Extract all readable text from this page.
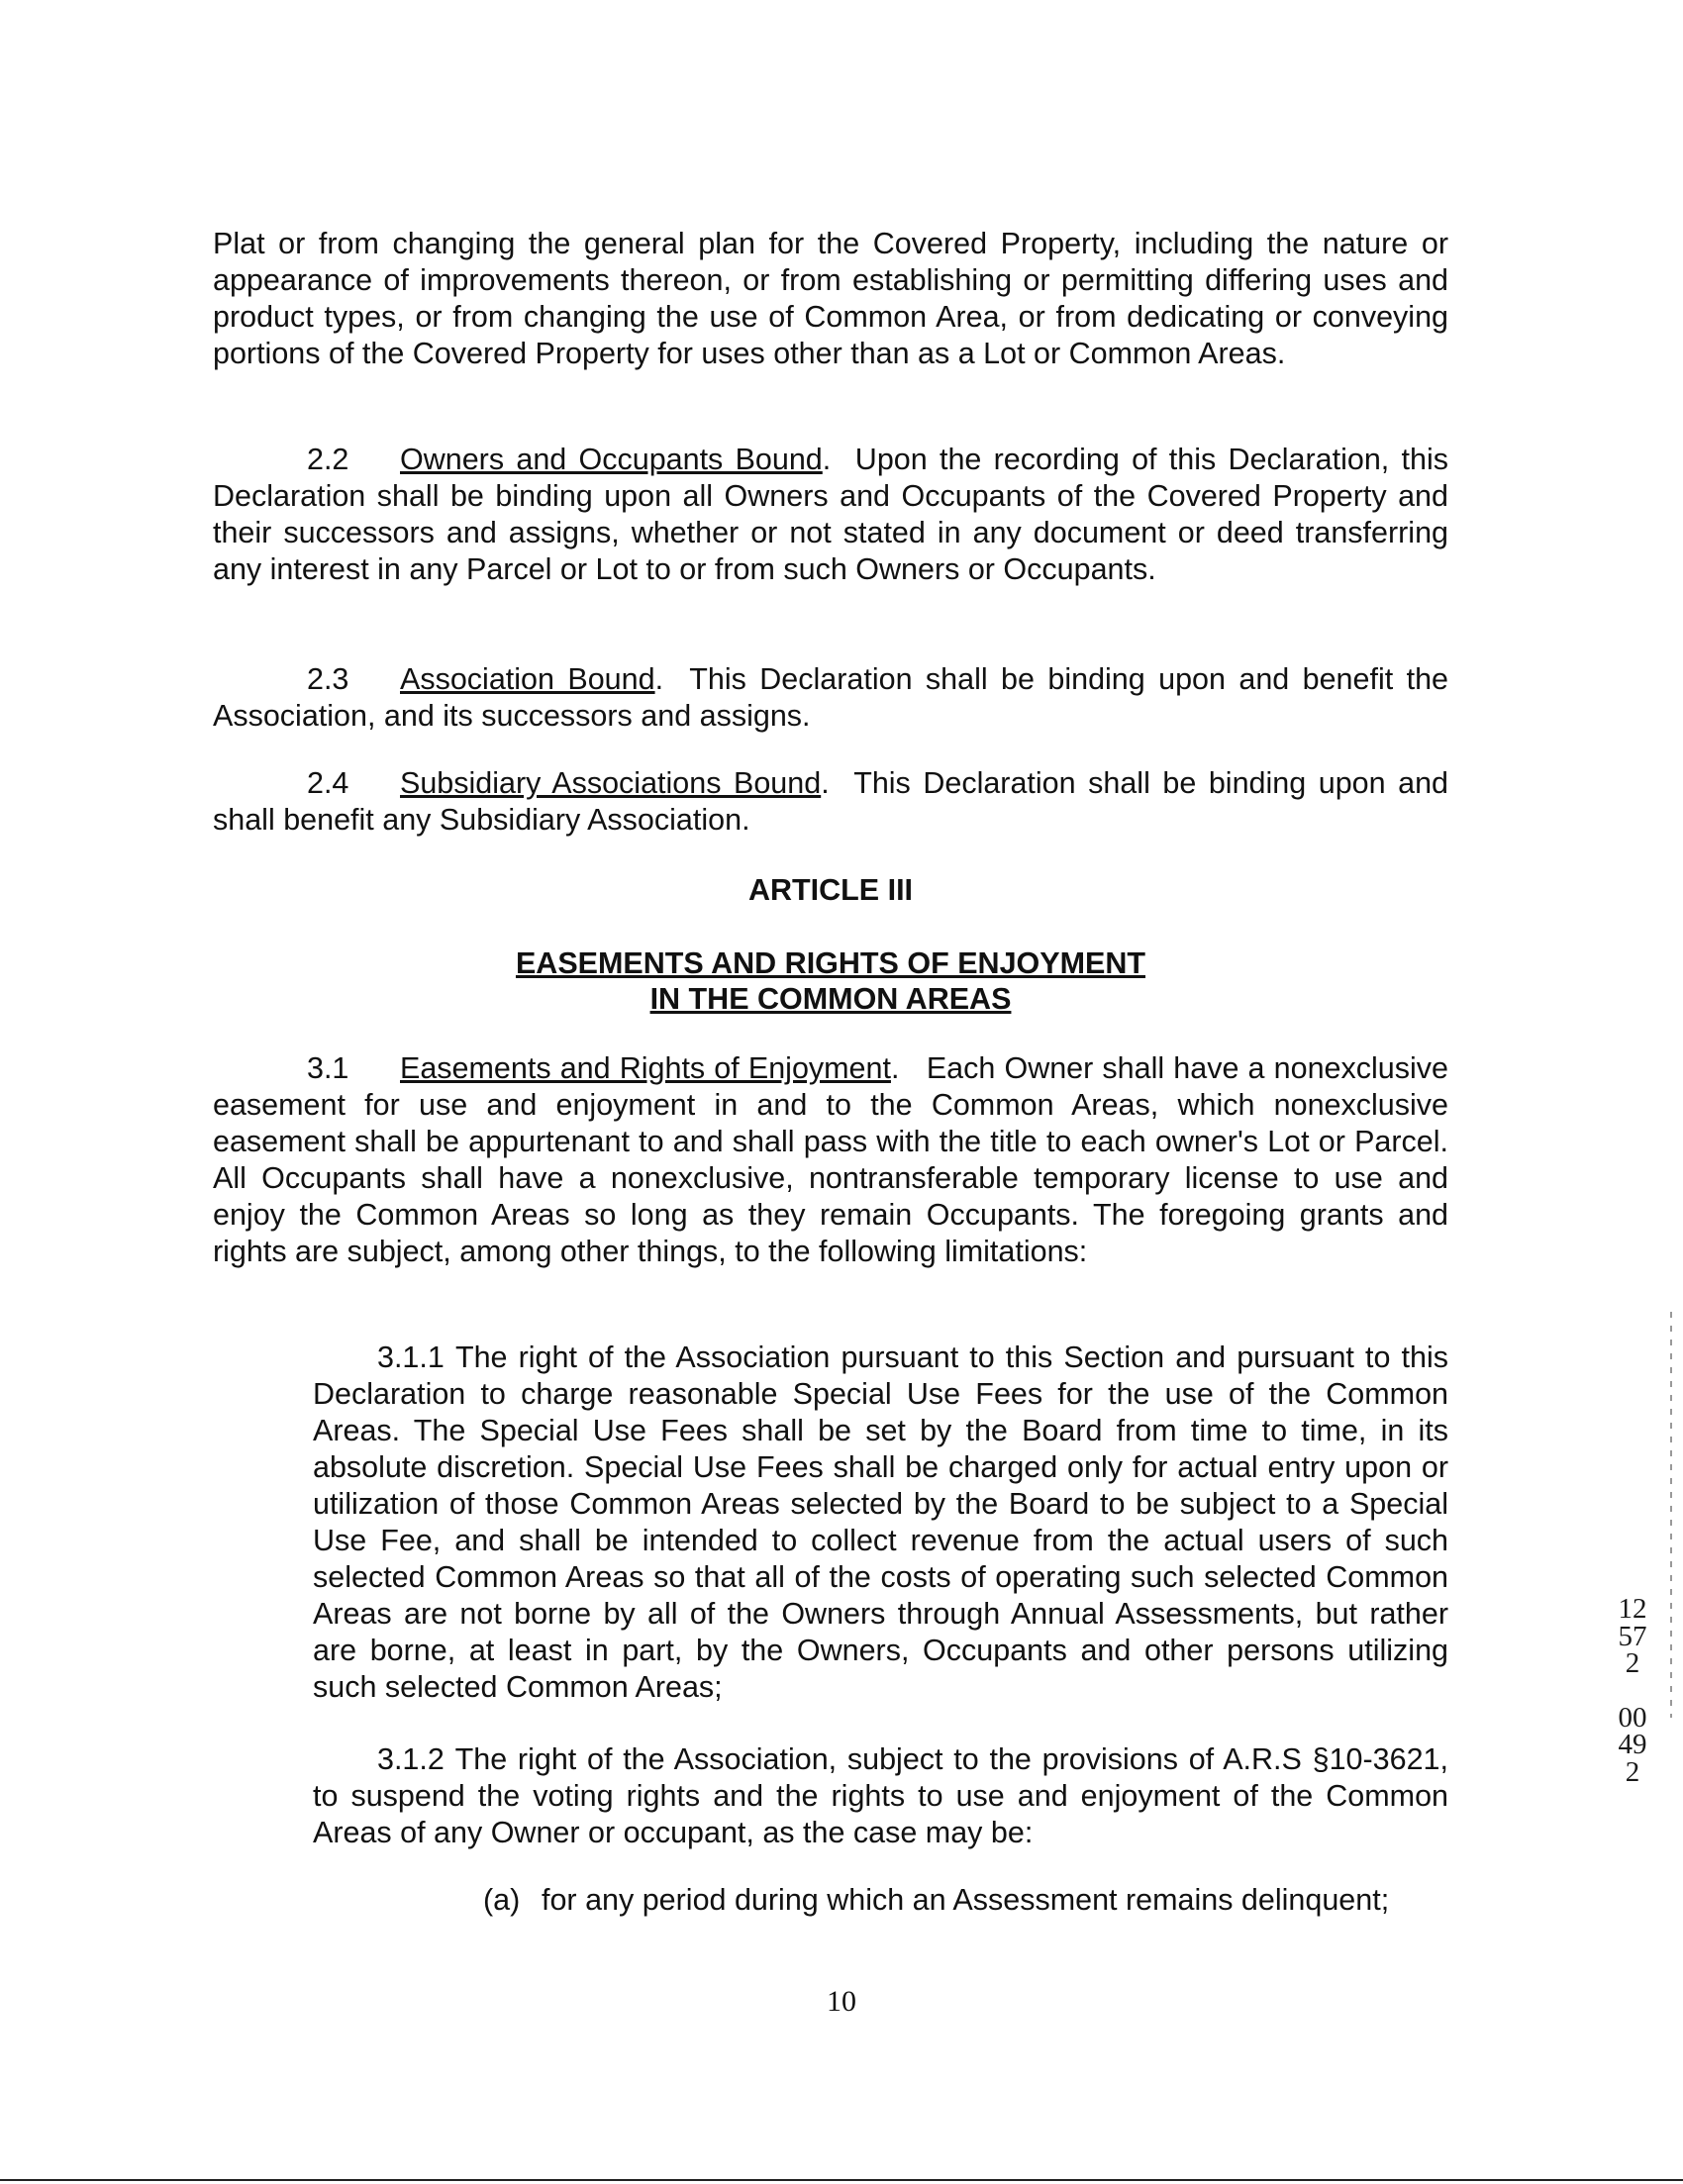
Plat or from changing the general plan for the Covered Property, including the nature or appearance of improvements thereon, or from establishing or permitting differing uses and product types, or from changing the use of Common Area, or from dedicating or conveying portions of the Covered Property for uses other than as a Lot or Common Areas.
2.2 Owners and Occupants Bound.  Upon the recording of this Declaration, this Declaration shall be binding upon all Owners and Occupants of the Covered Property and their successors and assigns, whether or not stated in any document or deed transferring any interest in any Parcel or Lot to or from such Owners or Occupants.
2.3 Association Bound.  This Declaration shall be binding upon and benefit the Association, and its successors and assigns.
2.4 Subsidiary Associations Bound.  This Declaration shall be binding upon and shall benefit any Subsidiary Association.
ARTICLE III
EASEMENTS AND RIGHTS OF ENJOYMENT
IN THE COMMON AREAS
3.1 Easements and Rights of Enjoyment.   Each Owner shall have a nonexclusive easement for use and enjoyment in and to the Common Areas, which nonexclusive easement shall be appurtenant to and shall pass with the title to each owner's Lot or Parcel. All Occupants shall have a nonexclusive, nontransferable temporary license to use and enjoy the Common Areas so long as they remain Occupants. The foregoing grants and rights are subject, among other things, to the following limitations:
3.1.1 The right of the Association pursuant to this Section and pursuant to this Declaration to charge reasonable Special Use Fees for the use of the Common Areas. The Special Use Fees shall be set by the Board from time to time, in its absolute discretion. Special Use Fees shall be charged only for actual entry upon or utilization of those Common Areas selected by the Board to be subject to a Special Use Fee, and shall be intended to collect revenue from the actual users of such selected Common Areas so that all of the costs of operating such selected Common Areas are not borne by all of the Owners through Annual Assessments, but rather are borne, at least in part, by the Owners, Occupants and other persons utilizing such selected Common Areas;
3.1.2 The right of the Association, subject to the provisions of A.R.S §10-3621, to suspend the voting rights and the rights to use and enjoyment of the Common Areas of any Owner or occupant, as the case may be:
(a) for any period during which an Assessment remains delinquent;
10
12572
00492
